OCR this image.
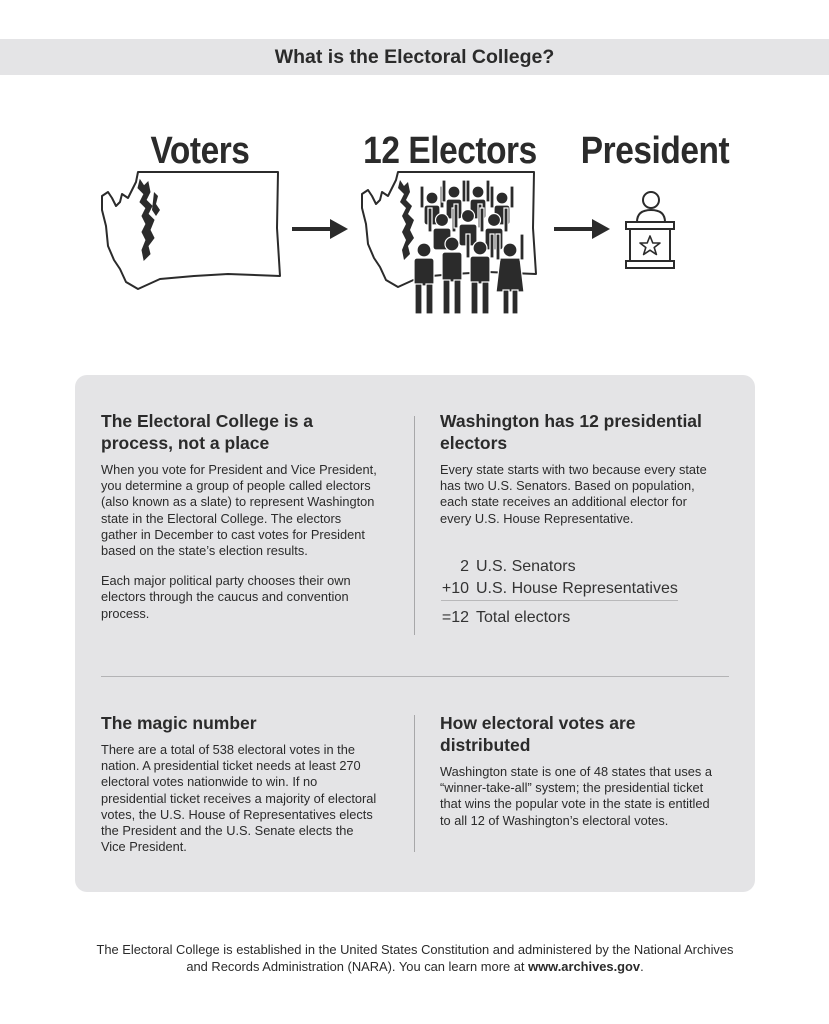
What is the Electoral College?
Voters	12 Electors President
The Electoral College is a process, not a place

When you vote for President and Vice President, you determine a group of people called electors (also known as a slate) to represent Washington state in the Electoral College. The electors gather in December to cast votes for President based on the state’s election results.

Each major political party chooses their own electors through the caucus and convention process.

Washington has 12 presidential electors

Every state starts with two because every state has two U.S. Senators. Based on population, each state receives an additional elector for every U.S. House Representative.

2 U.S. Senators
+10 U.S. House Representatives
=12 Total electors
The magic number

There are a total of 538 electoral votes in the nation. A presidential ticket needs at least 270 electoral votes nationwide to win. If no presidential ticket receives a majority of electoral votes, the U.S. House of Representatives elects the President and the U.S. Senate elects the Vice President.

How electoral votes are distributed

Washington state is one of 48 states that uses a “winner-take-all” system; the presidential ticket that wins the popular vote in the state is entitled to all 12 of Washington’s electoral votes.

The Electoral College is established in the United States Constitution and administered by the National Archives and Records Administration (NARA). You can learn more at www.archives.gov.
